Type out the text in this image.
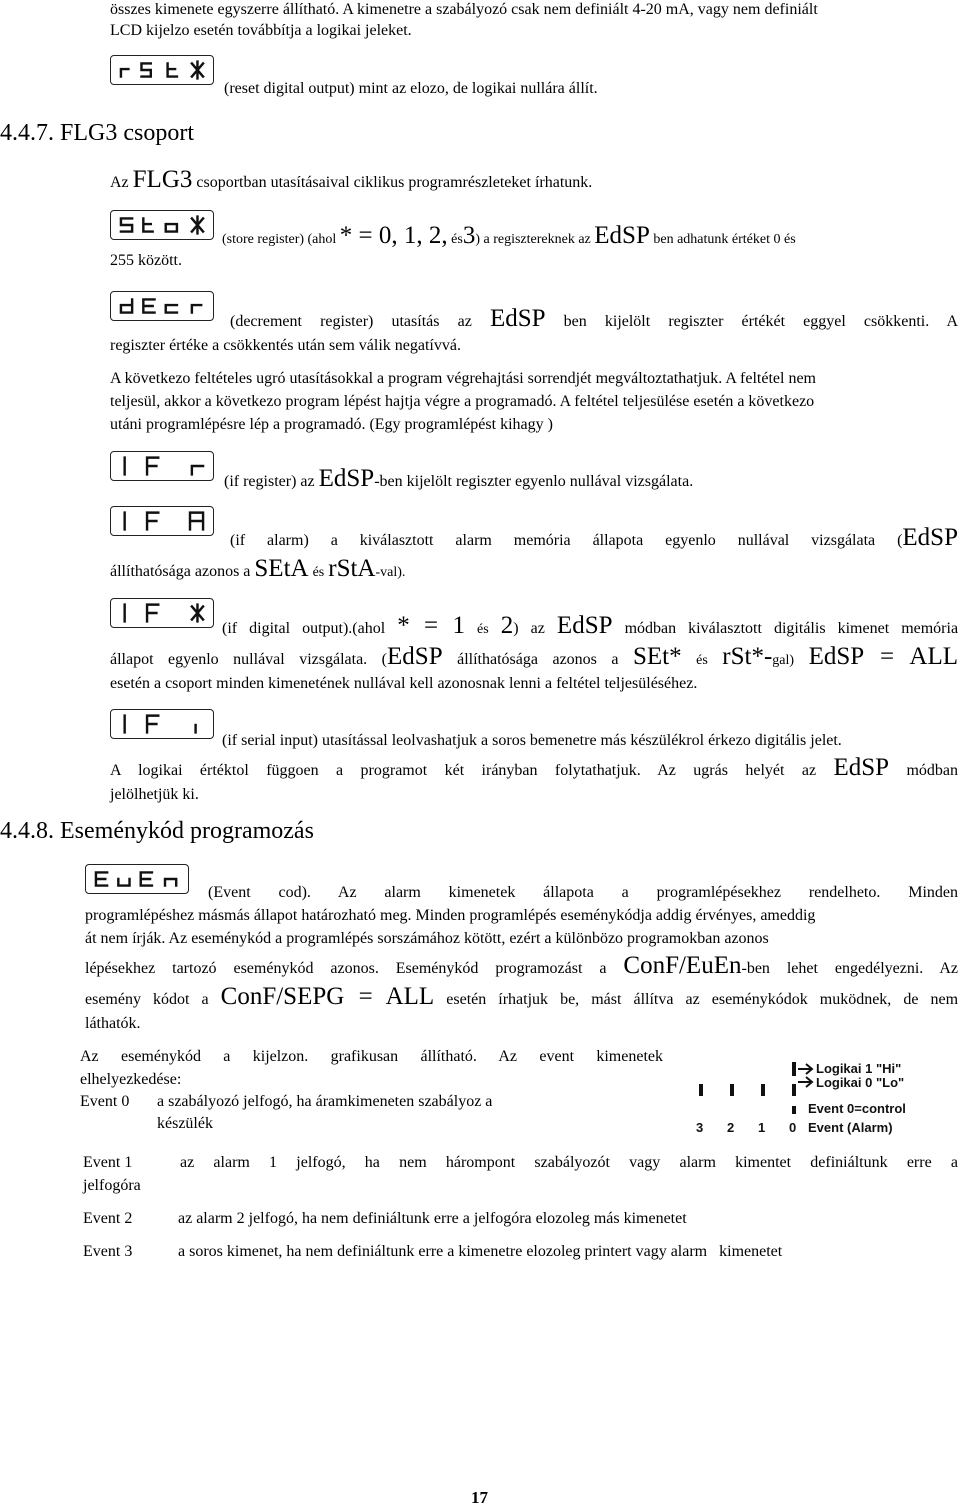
összes kimenete egyszerre állítható. A kimenetre a szabályozó csak nem definiált 4-20 mA, vagy nem definiált
LCD kijelzo esetén továbbítja a logikai jeleket.
(reset digital output) mint az elozo, de logikai nullára állít.
4.4.7. FLG3 csoport
Az FLG3 csoportban utasításaival ciklikus programrészleteket írhatunk.
(store register) (ahol * = 0, 1, 2, és3) a regisztereknek az EdSP ben adhatunk értéket 0 és
255 között.
(decrement register) utasítás az EdSP ben kijelölt regiszter értékét eggyel csökkenti. A
regiszter értéke a csökkentés után sem válik negatívvá.
A következo feltételes ugró utasításokkal a program végrehajtási sorrendjét megváltoztathatjuk. A feltétel nem
teljesül, akkor a következo program lépést hajtja végre a programadó. A feltétel teljesülése esetén a következo
utáni programlépésre lép a programadó. (Egy programlépést kihagy )
(if register) az EdSP-ben kijelölt regiszter egyenlo nullával vizsgálata.
(if alarm) a kiválasztott alarm memória állapota egyenlo nullával vizsgálata (EdSP
állíthatósága azonos a SEtA és rStA-val).
(if digital output).(ahol * = 1 és 2) az EdSP módban kiválasztott digitális kimenet memória
állapot egyenlo nullával vizsgálata. (EdSP állíthatósága azonos a SEt* és rSt*-gal) EdSP = ALL
esetén a csoport minden kimenetének nullával kell azonosnak lenni a feltétel teljesüléséhez.
(if serial input) utasítással leolvashatjuk a soros bemenetre más készülékrol érkezo digitális jelet.
A logikai értéktol függoen a programot két irányban folytathatjuk. Az ugrás helyét az EdSP módban
jelölhetjük ki.
4.4.8. Eseménykód programozás
(Event cod). Az alarm kimenetek állapota a programlépésekhez rendelheto. Minden
programlépéshez másmás állapot határozható meg. Minden programlépés eseménykódja addig érvényes, ameddig
át nem írják. Az eseménykód a programlépés sorszámához kötött, ezért a különbözo programokban azonos
lépésekhez tartozó eseménykód azonos. Eseménykód programozást a ConF/EuEn-ben lehet engedélyezni. Az
esemény kódot a ConF/SEPG = ALL esetén írhatjuk be, mást állítva az eseménykódok muködnek, de nem
láthatók.
Az eseménykód a kijelzon. grafikusan állítható. Az event kimenetek
elhelyezkedése:
Event 0 a szabályozó jelfogó, ha áramkimeneten szabályoz a
készülék
Logikai 1 "Hi"
Logikai 0 "Lo"
Event 0=control
3 2 1 0 Event (Alarm)
Event 1	az alarm 1 jelfogó, ha nem hárompont szabályozót vagy alarm kimentet definiáltunk erre a
jelfogóra
Event 2	az alarm 2 jelfogó, ha nem definiáltunk erre a jelfogóra elozoleg más kimenetet
Event 3	a soros kimenet, ha nem definiáltunk erre a kimenetre elozoleg printert vagy alarm   kimenetet
17
